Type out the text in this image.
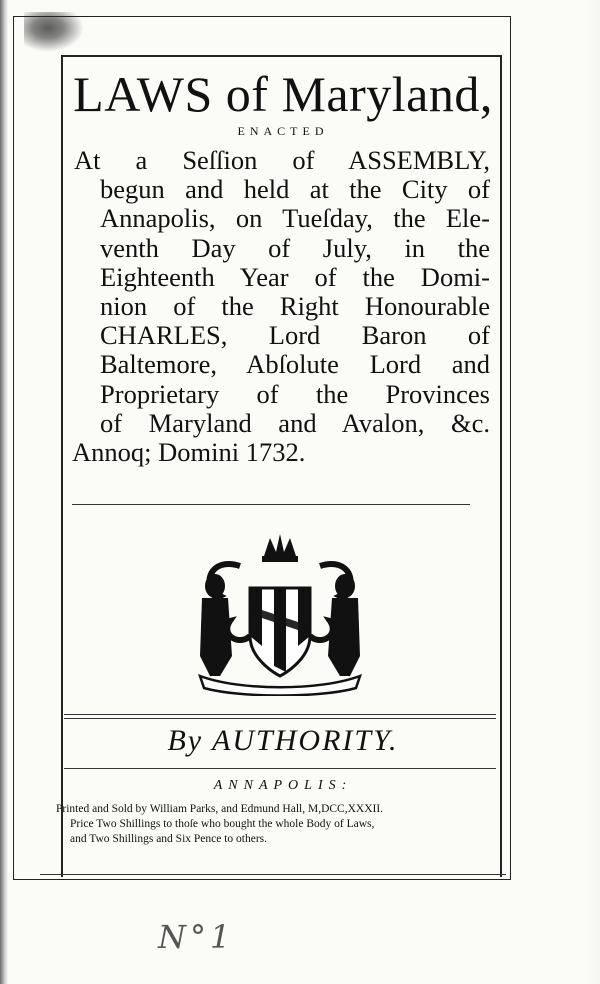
LAWS of Maryland,
ENACTED
At a Seſſion of ASSEMBLY,
begun and held at the City of
Annapolis, on Tueſday, the Ele-
venth Day of July, in the
Eighteenth Year of the Domi-
nion of the Right Honourable
CHARLES, Lord Baron of
Baltemore, Abſolute Lord and
Proprietary of the Provinces
of Maryland and Avalon, &c.
Annoq; Domini 1732.
By AUTHORITY.
ANNAPOLIS:
Printed and Sold by William Parks, and Edmund Hall, M,DCC,XXXII.
Price Two Shillings to thoſe who bought the whole Body of Laws,
and Two Shillings and Six Pence to others.
N°1
